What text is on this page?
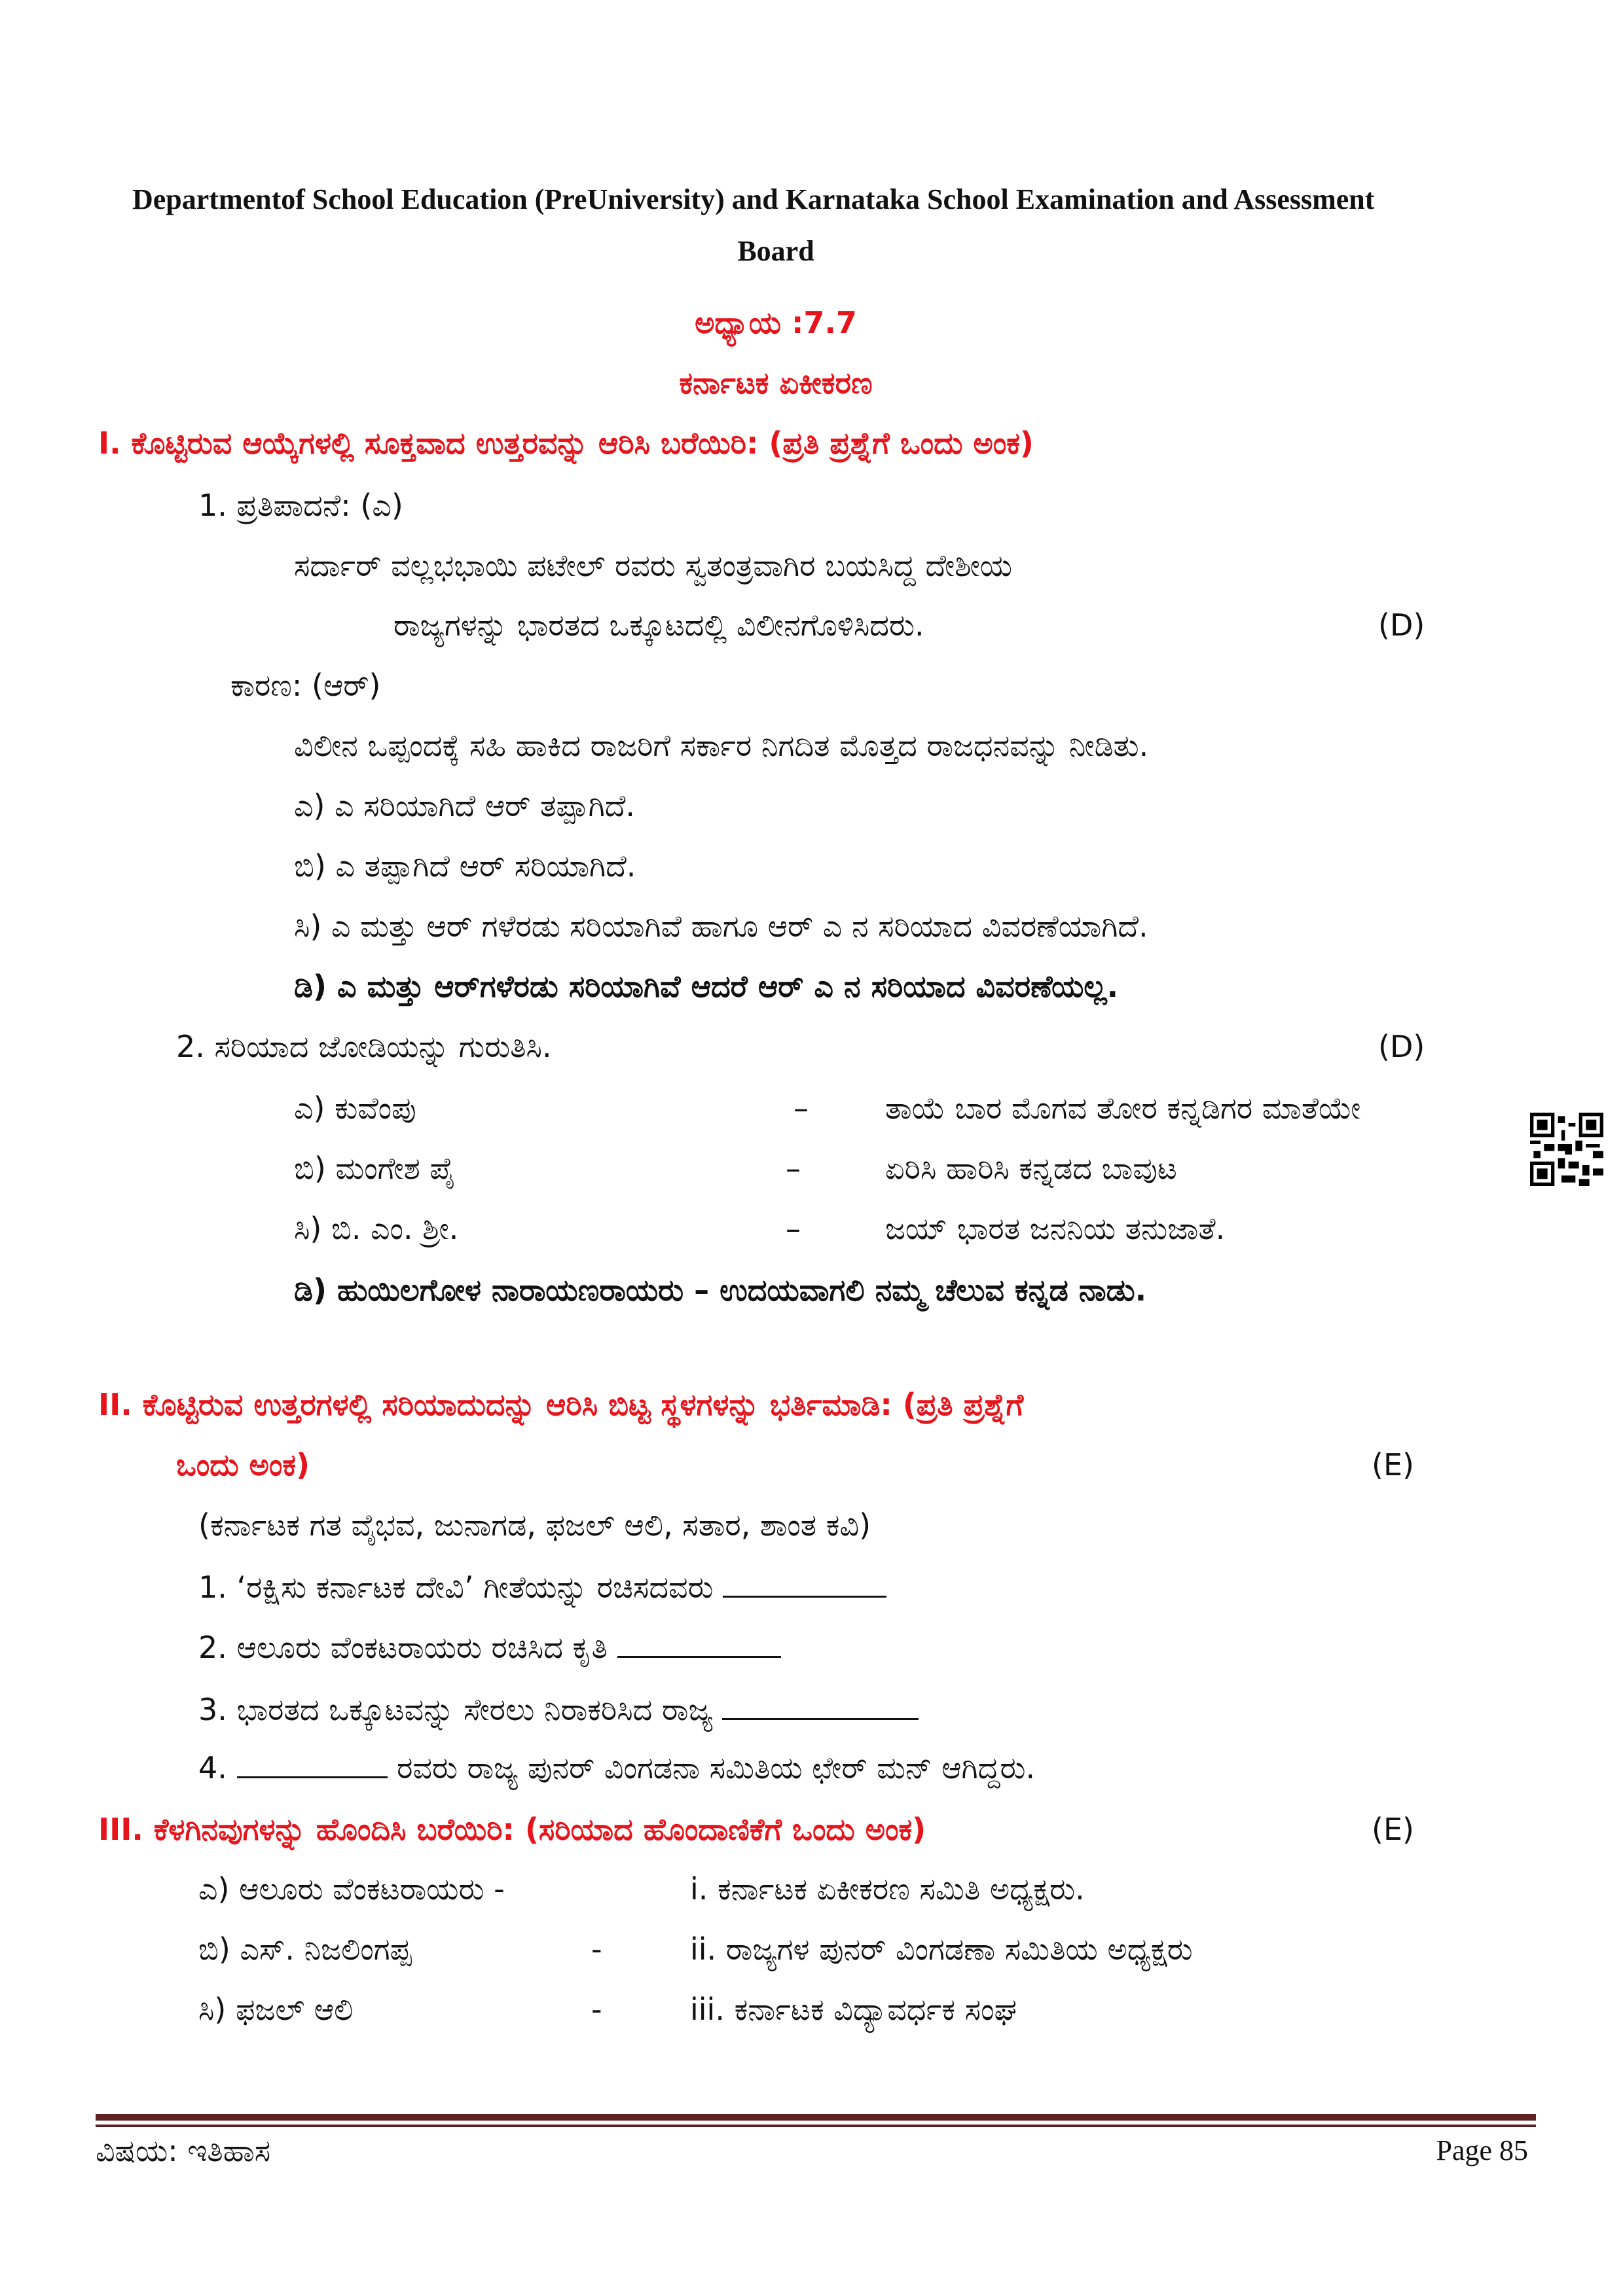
Departmentof School Education (PreUniversity) and Karnataka School Examination and Assessment
Board
ಅಧ್ಯಾಯ :7.7
ಕರ್ನಾಟಕ ಏಕೀಕರಣ
I. ಕೊಟ್ಟಿರುವ ಆಯ್ಕೆಗಳಲ್ಲಿ ಸೂಕ್ತವಾದ ಉತ್ತರವನ್ನು ಆರಿಸಿ ಬರೆಯಿರಿ: (ಪ್ರತಿ ಪ್ರಶ್ನೆಗೆ ಒಂದು ಅಂಕ)
1. ಪ್ರತಿಪಾದನೆ: (ಎ)
ಸರ್ದಾರ್ ವಲ್ಲಭಭಾಯಿ ಪಟೇಲ್ ರವರು ಸ್ವತಂತ್ರವಾಗಿರ ಬಯಸಿದ್ದ ದೇಶೀಯ
ರಾಜ್ಯಗಳನ್ನು ಭಾರತದ ಒಕ್ಕೂಟದಲ್ಲಿ ವಿಲೀನಗೊಳಿಸಿದರು.	(D)
ಕಾರಣ: (ಆರ್)
ವಿಲೀನ ಒಪ್ಪಂದಕ್ಕೆ ಸಹಿ ಹಾಕಿದ ರಾಜರಿಗೆ ಸರ್ಕಾರ ನಿಗದಿತ ಮೊತ್ತದ ರಾಜಧನವನ್ನು ನೀಡಿತು.
ಎ) ಎ ಸರಿಯಾಗಿದೆ ಆರ್ ತಪ್ಪಾಗಿದೆ.
ಬಿ) ಎ ತಪ್ಪಾಗಿದೆ ಆರ್ ಸರಿಯಾಗಿದೆ.
ಸಿ) ಎ ಮತ್ತು ಆರ್ ಗಳೆರಡು ಸರಿಯಾಗಿವೆ ಹಾಗೂ ಆರ್ ಎ ನ ಸರಿಯಾದ ವಿವರಣೆಯಾಗಿದೆ.
ಡಿ) ಎ ಮತ್ತು ಆರ್‌ಗಳೆರಡು ಸರಿಯಾಗಿವೆ ಆದರೆ ಆರ್ ಎ ನ ಸರಿಯಾದ ವಿವರಣೆಯಲ್ಲ.
2. ಸರಿಯಾದ ಜೋಡಿಯನ್ನು ಗುರುತಿಸಿ.	(D)
ಎ) ಕುವೆಂಪು	–	ತಾಯೆ ಬಾರ ಮೊಗವ ತೋರ ಕನ್ನಡಿಗರ ಮಾತೆಯೇ
ಬಿ) ಮಂಗೇಶ ಪೈ	–	ಏರಿಸಿ ಹಾರಿಸಿ ಕನ್ನಡದ ಬಾವುಟ
ಸಿ) ಬಿ. ಎಂ. ಶ್ರೀ.	–	ಜಯ್ ಭಾರತ ಜನನಿಯ ತನುಜಾತೆ.
ಡಿ) ಹುಯಿಲಗೋಳ ನಾರಾಯಣರಾಯರು – ಉದಯವಾಗಲಿ ನಮ್ಮ ಚೆಲುವ ಕನ್ನಡ ನಾಡು.
II. ಕೊಟ್ಟಿರುವ ಉತ್ತರಗಳಲ್ಲಿ ಸರಿಯಾದುದನ್ನು ಆರಿಸಿ ಬಿಟ್ಟ ಸ್ಥಳಗಳನ್ನು ಭರ್ತಿಮಾಡಿ: (ಪ್ರತಿ ಪ್ರಶ್ನೆಗೆ
ಒಂದು ಅಂಕ)	(E)
(ಕರ್ನಾಟಕ ಗತ ವೈಭವ, ಜುನಾಗಡ, ಫಜಲ್ ಆಲಿ, ಸತಾರ, ಶಾಂತ ಕವಿ)
1. ‘ರಕ್ಷಿಸು ಕರ್ನಾಟಕ ದೇವಿ’ ಗೀತೆಯನ್ನು ರಚಿಸದವರು
2. ಆಲೂರು ವೆಂಕಟರಾಯರು ರಚಿಸಿದ ಕೃತಿ
3. ಭಾರತದ ಒಕ್ಕೂಟವನ್ನು ಸೇರಲು ನಿರಾಕರಿಸಿದ ರಾಜ್ಯ
4.	ರವರು ರಾಜ್ಯ ಪುನರ್ ವಿಂಗಡನಾ ಸಮಿತಿಯ ಛೇರ್ ಮನ್ ಆಗಿದ್ದರು.
III. ಕೆಳಗಿನವುಗಳನ್ನು ಹೊಂದಿಸಿ ಬರೆಯಿರಿ: (ಸರಿಯಾದ ಹೊಂದಾಣಿಕೆಗೆ ಒಂದು ಅಂಕ)	(E)
ಎ) ಆಲೂರು ವೆಂಕಟರಾಯರು -	i. ಕರ್ನಾಟಕ ಏಕೀಕರಣ ಸಮಿತಿ ಅಧ್ಯಕ್ಷರು.
ಬಿ) ಎಸ್. ನಿಜಲಿಂಗಪ್ಪ	-	ii. ರಾಜ್ಯಗಳ ಪುನರ್ ವಿಂಗಡಣಾ ಸಮಿತಿಯ ಅಧ್ಯಕ್ಷರು
ಸಿ) ಫಜಲ್ ಆಲಿ	-	iii. ಕರ್ನಾಟಕ ವಿದ್ಯಾವರ್ಧಕ ಸಂಘ
ವಿಷಯ: ಇತಿಹಾಸ	Page 85
